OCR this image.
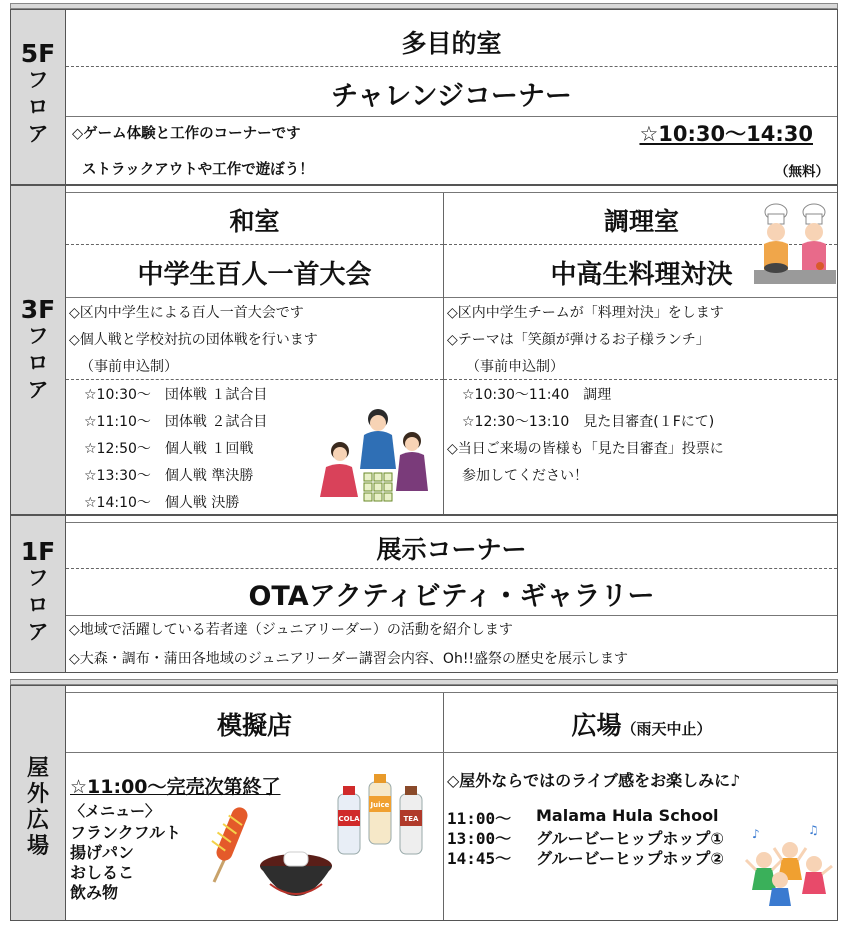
5F
フ
ロ
ア
多目的室
チャレンジコーナー
◇ゲーム体験と工作のコーナーです
ストラックアウトや工作で遊ぼう！
☆10:30～14:30
（無料）
3F
フ
ロ
ア
和室
中学生百人一首大会
◇区内中学生による百人一首大会です
◇個人戦と学校対抗の団体戦を行います
（事前申込制）
☆10:30～　団体戦 １試合目
☆11:10～　団体戦 ２試合目
☆12:50～　個人戦 １回戦
☆13:30～　個人戦 準決勝
☆14:10～　個人戦 決勝
調理室
中高生料理対決
◇区内中学生チームが「料理対決」をします
◇テーマは「笑顔が弾けるお子様ランチ」
（事前申込制）
☆10:30～11:40　調理
☆12:30～13:10　見た目審査(１Fにて)
◇当日ご来場の皆様も「見た目審査」投票に
参加してください！
1F
フ
ロ
ア
展示コーナー
OTAアクティビティ・ギャラリー
◇地域で活躍している若者達（ジュニアリーダー）の活動を紹介します
◇大森・調布・蒲田各地域のジュニアリーダー講習会内容、Oh!!盛祭の歴史を展示します
屋
外
広
場
模擬店
☆11:00～完売次第終了
〈メニュー〉
フランクフルト
揚げパン
おしるこ
飲み物
COLA
Juice
TEA
広場（雨天中止）
◇屋外ならではのライブ感をお楽しみに♪
11:00～ Malama Hula School
13:00～ グルービーヒップホップ①
14:45～ グルービーヒップホップ②
♪	♫
